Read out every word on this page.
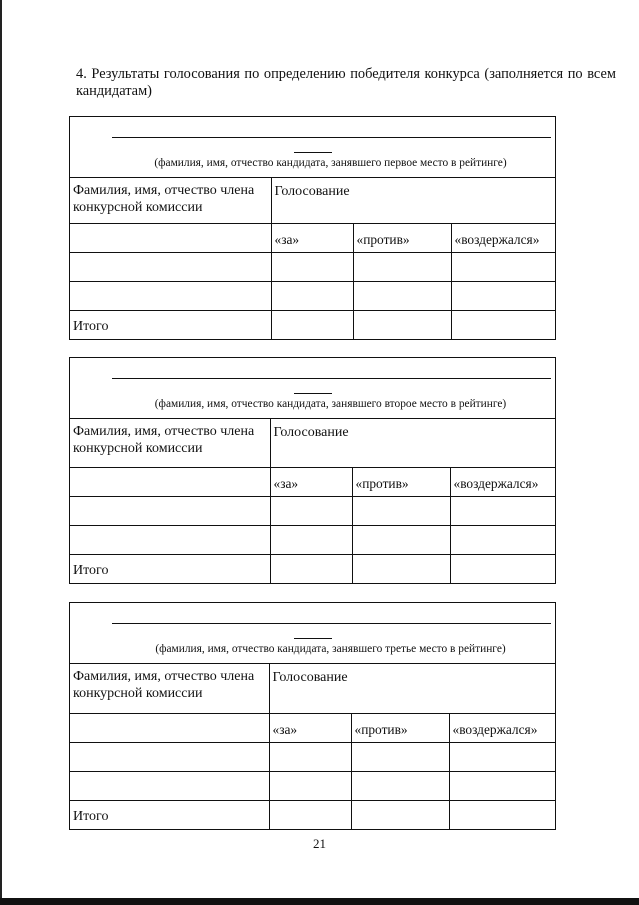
4. Результаты голосования по определению победителя конкурса (заполняется по всем кандидатам)
(фамилия, имя, отчество кандидата, занявшего первое место в рейтинге)
Фамилия, имя, отчество члена конкурсной комиссии	Голосование		
	«за»	«против»	«воздержался»

Итого			
(фамилия, имя, отчество кандидата, занявшего второе место в рейтинге)
Фамилия, имя, отчество члена конкурсной комиссии	Голосование		
	«за»	«против»	«воздержался»

Итого			
(фамилия, имя, отчество кандидата, занявшего третье место в рейтинге)
Фамилия, имя, отчество члена конкурсной комиссии	Голосование		
	«за»	«против»	«воздержался»

Итого			
21
